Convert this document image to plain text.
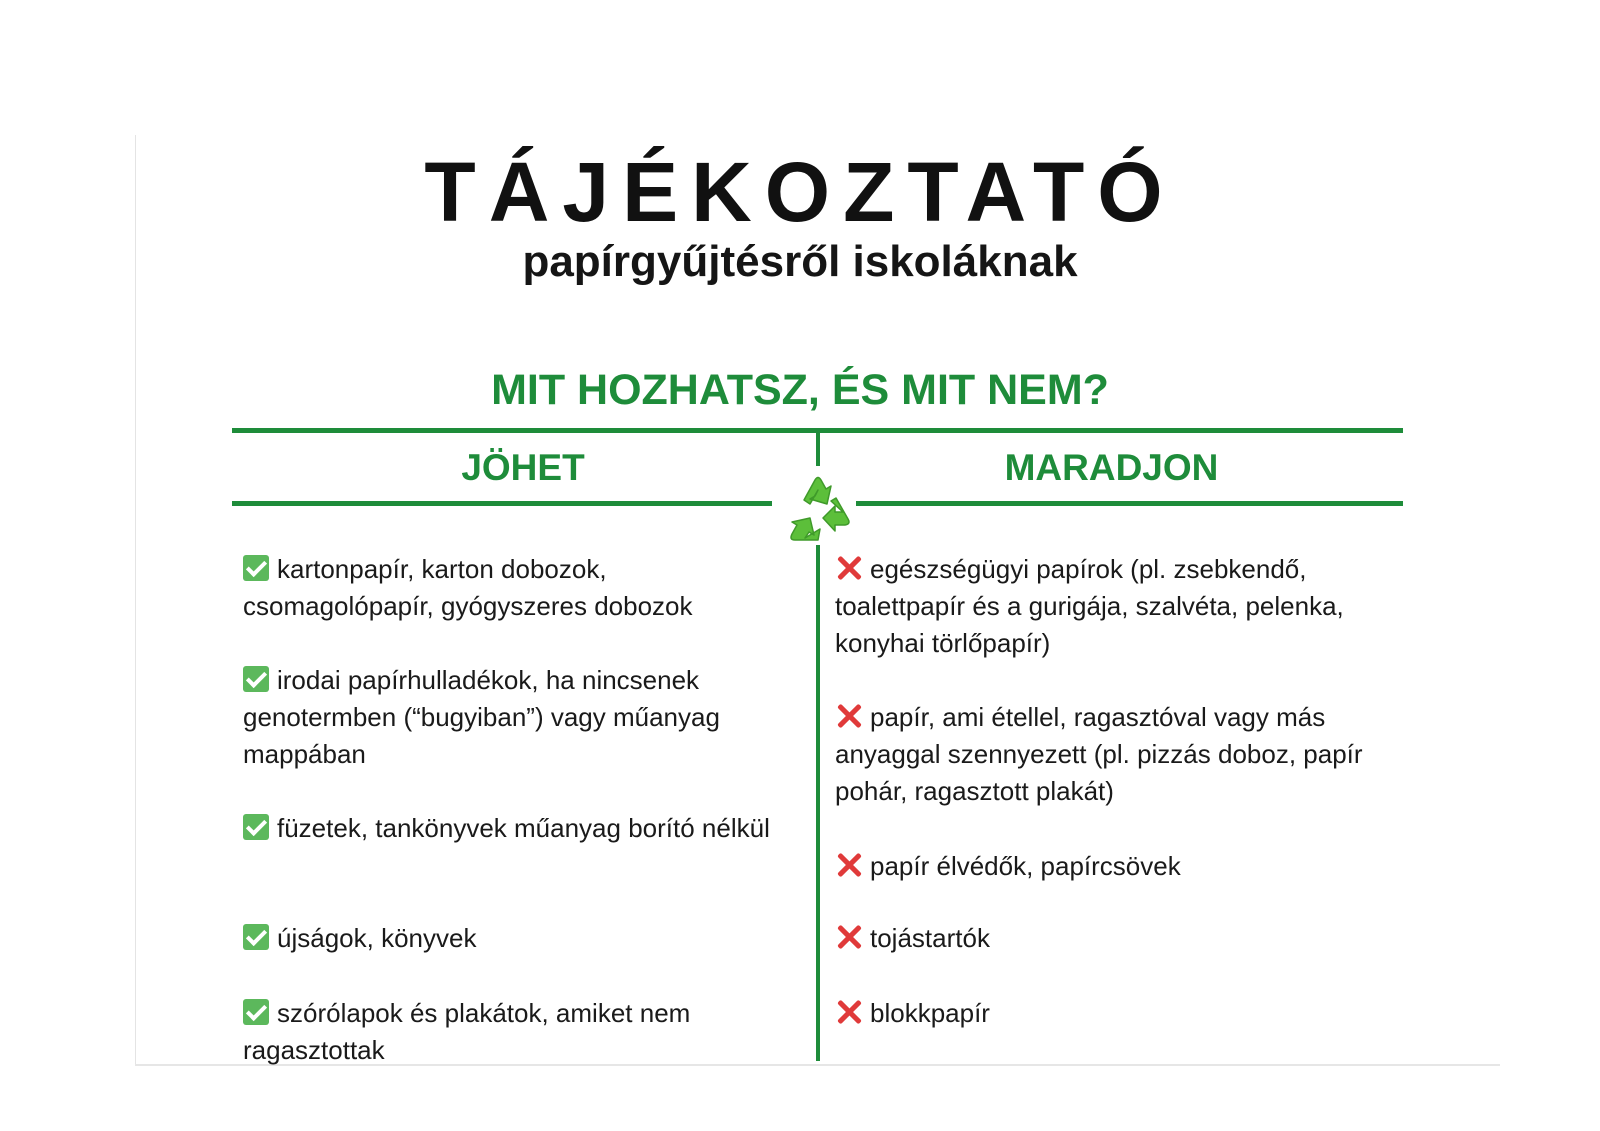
TÁJÉKOZTATÓ
papírgyűjtésről iskoláknak
MIT HOZHATSZ, ÉS MIT NEM?
JÖHET	MARADJON

kartonpapír, karton dobozok, csomagolópapír, gyógyszeres dobozok

irodai papírhulladékok, ha nincsenek genotermben (“bugyiban”) vagy műanyag mappában

füzetek, tankönyvek műanyag borító nélkül

újságok, könyvek

szórólapok és plakátok, amiket nem ragasztottak

egészségügyi papírok (pl. zsebkendő, toalettpapír és a gurigája, szalvéta, pelenka, konyhai törlőpapír)

papír, ami étellel, ragasztóval vagy más anyaggal szennyezett (pl. pizzás doboz, papír pohár, ragasztott plakát)

papír élvédők, papírcsövek

tojástartók

blokkpapír
